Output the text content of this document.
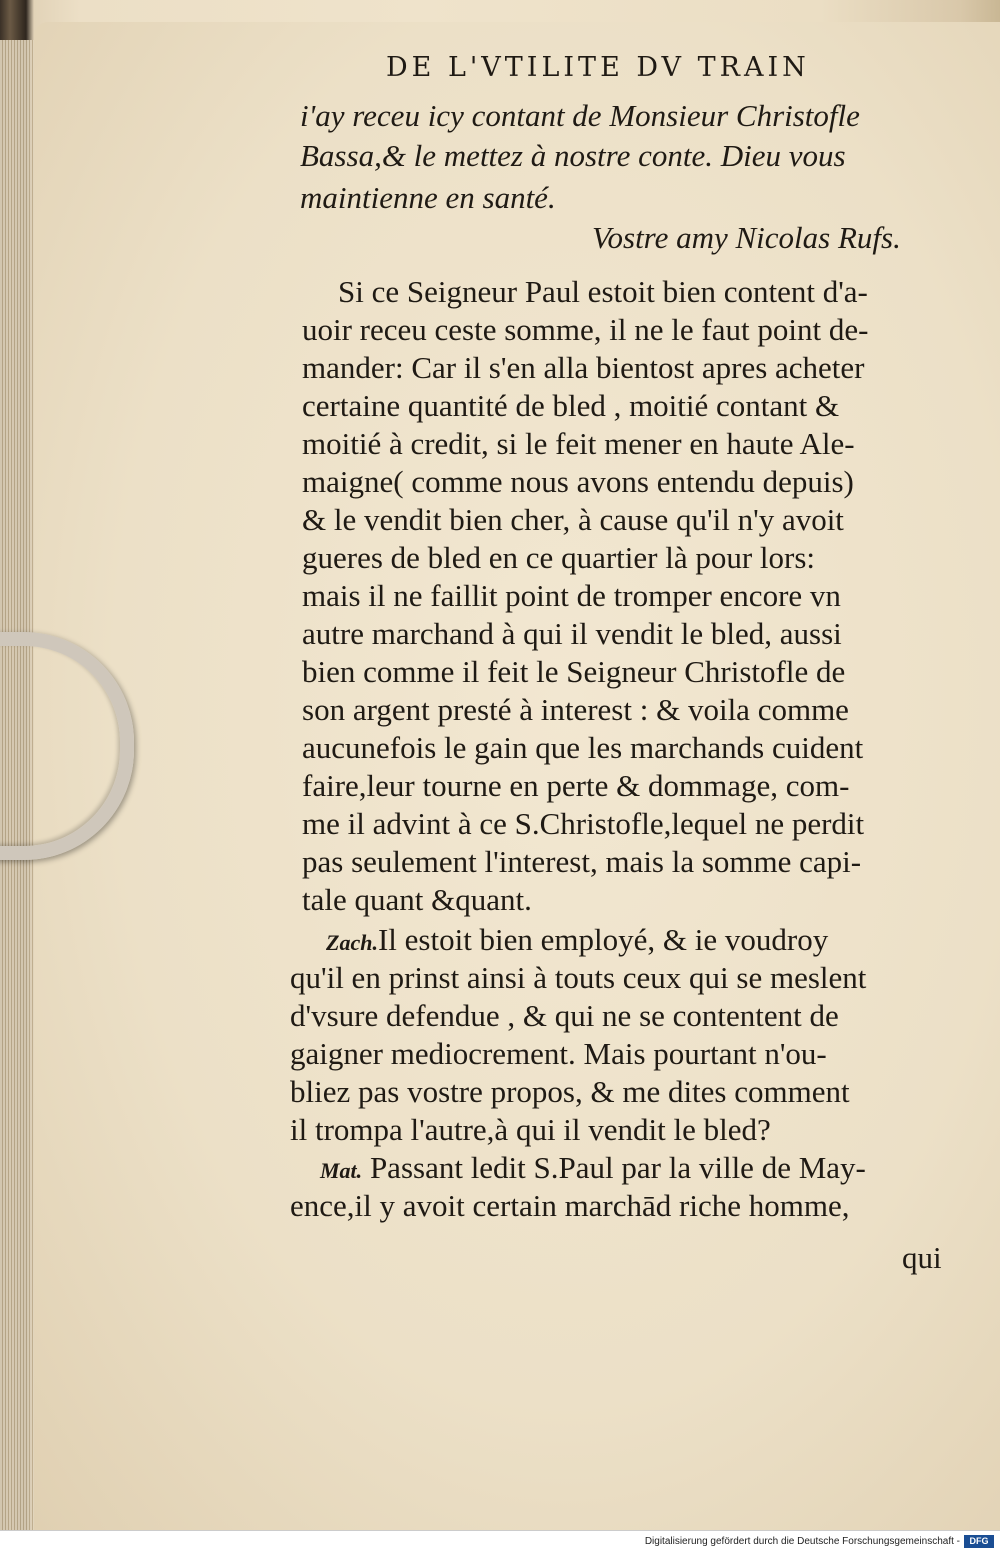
DE L'VTILITE DV TRAIN
i'ay receu icy contant de Monsieur Christofle
Bassa,& le mettez à nostre conte. Dieu vous
maintienne en santé.
Vostre amy Nicolas Rufs.
Si ce Seigneur Paul estoit bien content d'a-
uoir receu ceste somme, il ne le faut point de-
mander: Car il s'en alla bientost apres acheter
certaine quantité de bled , moitié contant &
moitié à credit, si le feit mener en haute Ale-
maigne( comme nous avons entendu depuis)
& le vendit bien cher, à cause qu'il n'y avoit
gueres de bled en ce quartier là pour lors:
mais il ne faillit point de tromper encore vn
autre marchand à qui il vendit le bled, aussi
bien comme il feit le Seigneur Christofle de
son argent presté à interest : & voila comme
aucunefois le gain que les marchands cuident
faire,leur tourne en perte & dommage, com-
me il advint à ce S.Christofle,lequel ne perdit
pas seulement l'interest, mais la somme capi-
tale quant &quant.
Zach.Il estoit bien employé, & ie voudroy
qu'il en prinst ainsi à touts ceux qui se meslent
d'vsure defendue , & qui ne se contentent de
gaigner mediocrement. Mais pourtant n'ou-
bliez pas vostre propos, & me dites comment
il trompa l'autre,à qui il vendit le bled?
Mat. Passant ledit S.Paul par la ville de May-
ence,il y avoit certain marchād riche homme,
qui
Digitalisierung gefördert durch die Deutsche Forschungsgemeinschaft -	DFG
